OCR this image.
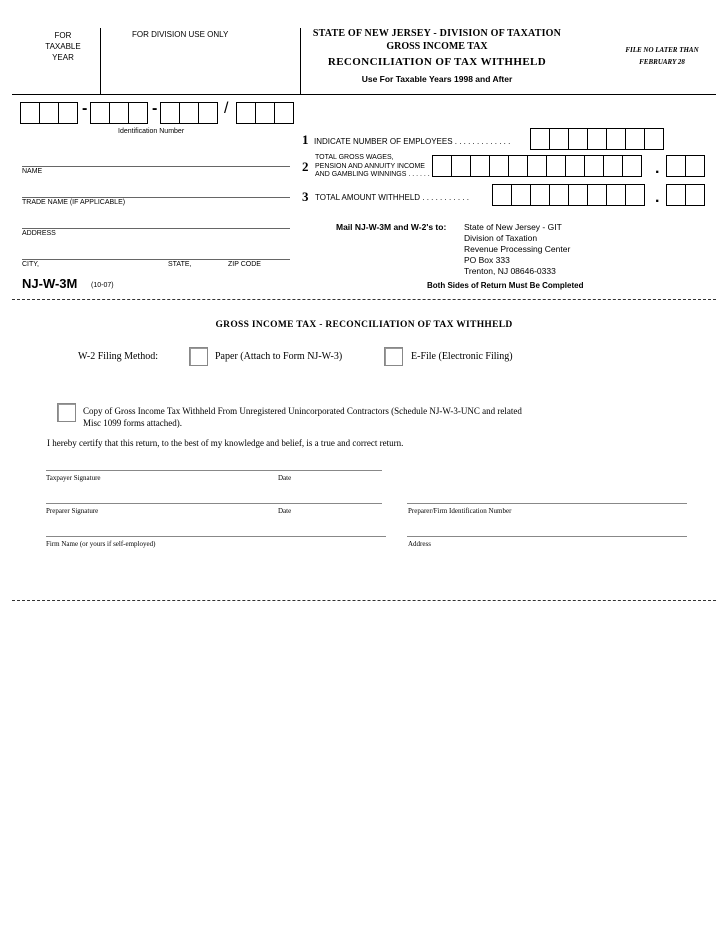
FOR
TAXABLE
YEAR
FOR DIVISION USE ONLY	STATE OF NEW JERSEY - DIVISION OF TAXATION
GROSS INCOME TAX
RECONCILIATION OF TAX WITHHELD
Use For Taxable Years 1998 and After
FILE NO LATER THAN
FEBRUARY 28
-	-	/
Identification Number
NAME
TRADE NAME (IF APPLICABLE)
ADDRESS
CITY,	STATE,	ZIP CODE
1 INDICATE NUMBER OF EMPLOYEES . . . . . . . . . . . . .
2
TOTAL GROSS WAGES,
PENSION AND ANNUITY INCOME
AND GAMBLING WINNINGS . . . . . .	.
3 TOTAL AMOUNT WITHHELD . . . . . . . . . . .	.
Mail NJ-W-3M and W-2's to: State of New Jersey - GIT
Division of Taxation
Revenue Processing Center
PO Box 333
Trenton, NJ 08646-0333
NJ-W-3M (10-07)	Both Sides of Return Must Be Completed
GROSS INCOME TAX - RECONCILIATION OF TAX WITHHELD
W-2 Filing Method:	Paper (Attach to Form NJ-W-3)	E-File (Electronic Filing)
Copy of Gross Income Tax Withheld From Unregistered Unincorporated Contractors (Schedule NJ-W-3-UNC and related
Misc 1099 forms attached).
I hereby certify that this return, to the best of my knowledge and belief, is a true and correct return.
Taxpayer Signature	Date
Preparer Signature	Date	Preparer/Firm Identification Number
Firm Name (or yours if self-employed)	Address
